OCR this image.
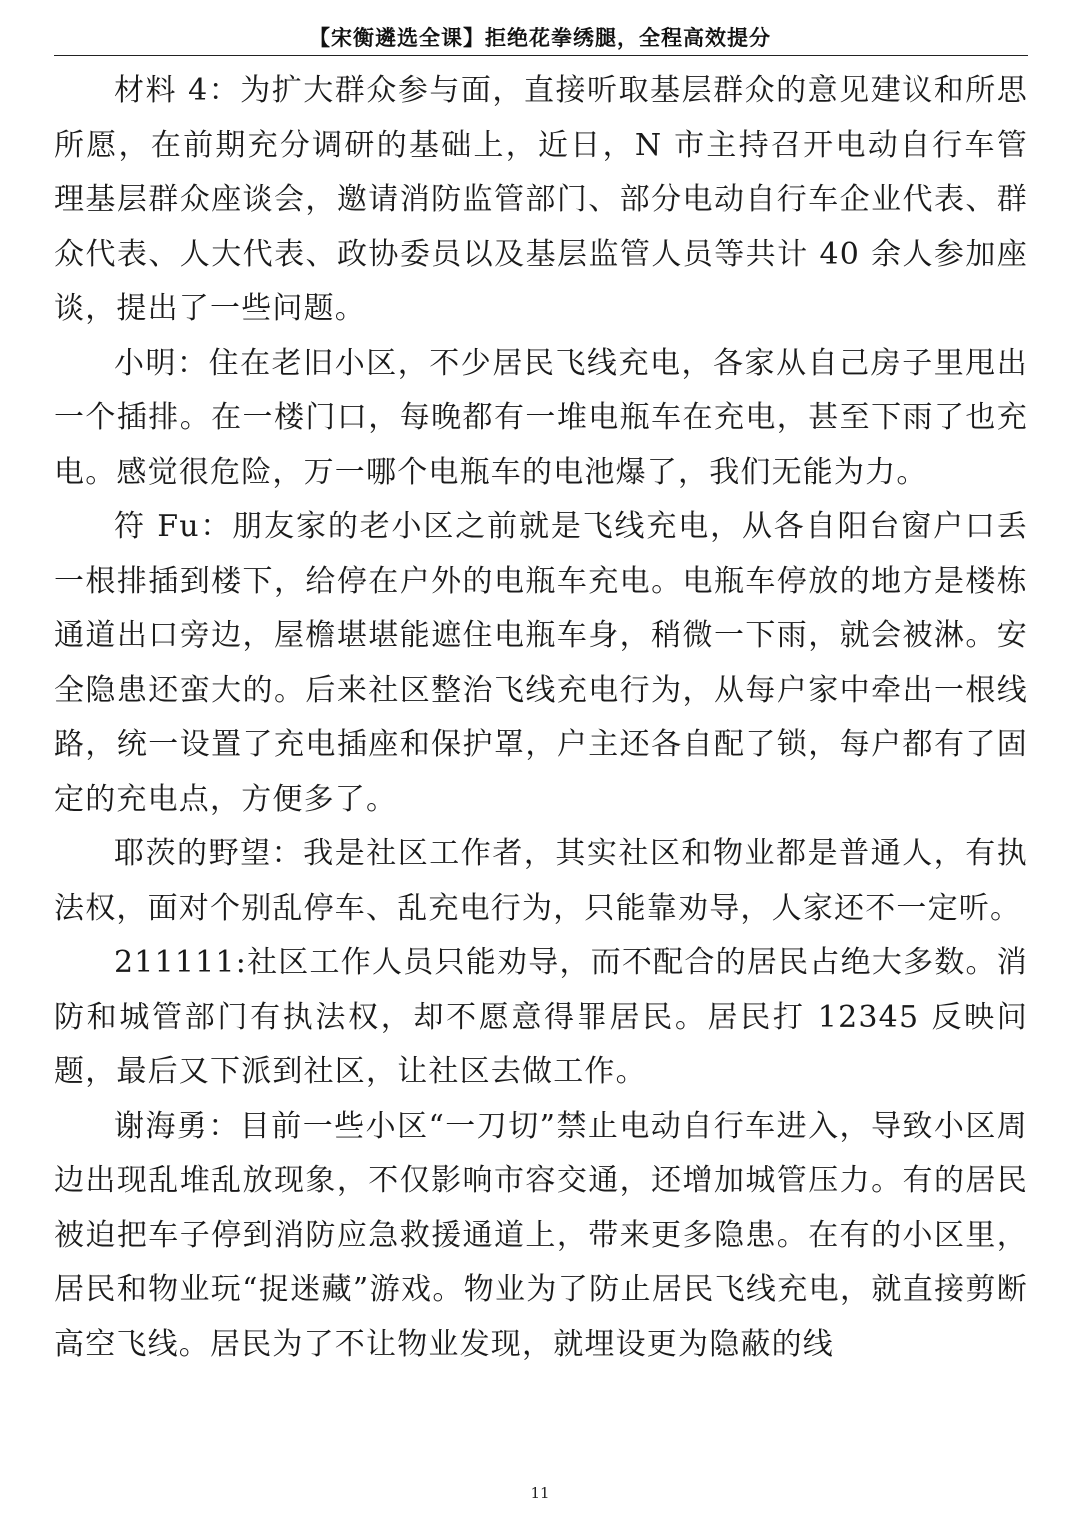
【宋衡遴选全课】拒绝花拳绣腿，全程高效提分

材料 4：为扩大群众参与面，直接听取基层群众的意见建议和所思所愿，在前期充分调研的基础上，近日，N 市主持召开电动自行车管理基层群众座谈会，邀请消防监管部门、部分电动自行车企业代表、群众代表、人大代表、政协委员以及基层监管人员等共计 40 余人参加座谈，提出了一些问题。

小明：住在老旧小区，不少居民飞线充电，各家从自己房子里甩出一个插排。在一楼门口，每晚都有一堆电瓶车在充电，甚至下雨了也充电。感觉很危险，万一哪个电瓶车的电池爆了，我们无能为力。

符 Fu：朋友家的老小区之前就是飞线充电，从各自阳台窗户口丢一根排插到楼下，给停在户外的电瓶车充电。电瓶车停放的地方是楼栋通道出口旁边，屋檐堪堪能遮住电瓶车身，稍微一下雨，就会被淋。安全隐患还蛮大的。后来社区整治飞线充电行为，从每户家中牵出一根线路，统一设置了充电插座和保护罩，户主还各自配了锁，每户都有了固定的充电点，方便多了。

耶茨的野望：我是社区工作者，其实社区和物业都是普通人，有执法权，面对个别乱停车、乱充电行为，只能靠劝导，人家还不一定听。

211111:社区工作人员只能劝导，而不配合的居民占绝大多数。消防和城管部门有执法权，却不愿意得罪居民。居民打 12345 反映问题，最后又下派到社区，让社区去做工作。

谢海勇：目前一些小区“一刀切”禁止电动自行车进入，导致小区周边出现乱堆乱放现象，不仅影响市容交通，还增加城管压力。有的居民被迫把车子停到消防应急救援通道上，带来更多隐患。在有的小区里，居民和物业玩“捉迷藏”游戏。物业为了防止居民飞线充电，就直接剪断高空飞线。居民为了不让物业发现，就埋设更为隐蔽的线

11
